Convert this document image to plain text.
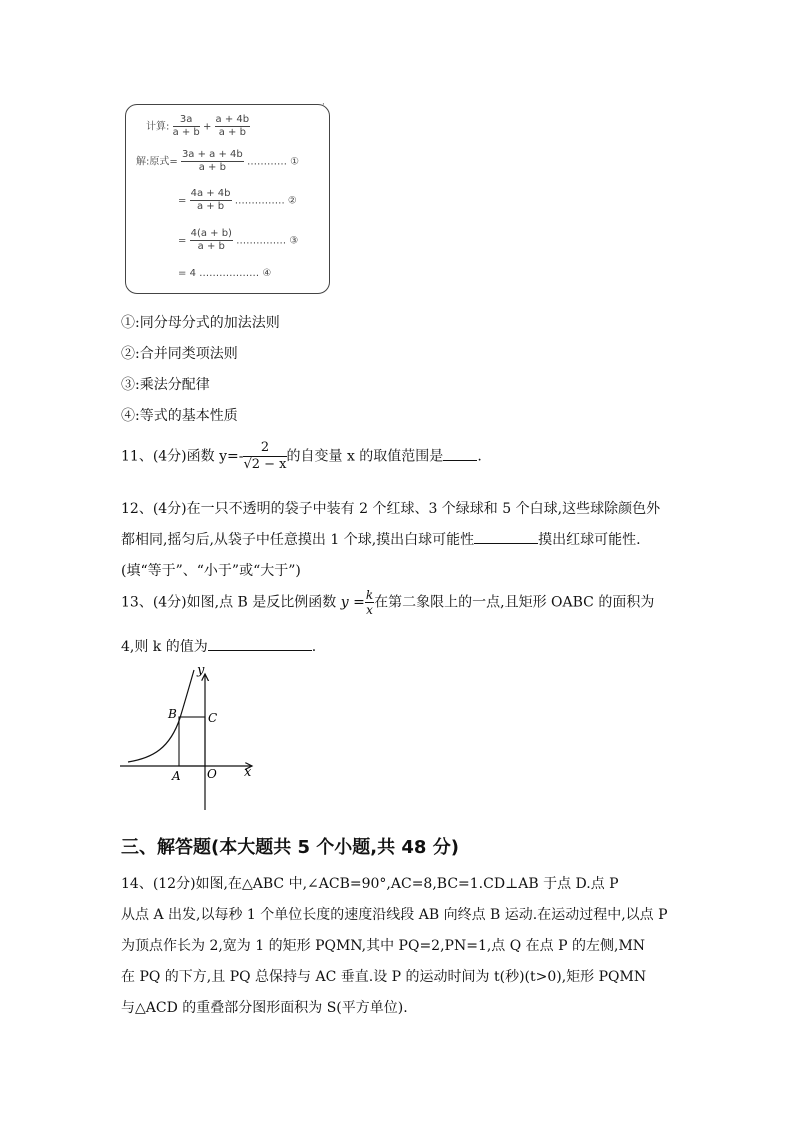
·
计算: $\frac{3a}{a + b} + \frac{a + 4b}{a + b}$
解:原式= $\frac{3a + a + 4b}{a + b}$ ………… ①
= $\frac{4a + 4b}{a + b}$ …………… ②
= $\frac{4(a + b)}{a + b}$ …………… ③
= 4 ……………… ④
①:同分母分式的加法法则
②:合并同类项法则
③:乘法分配律
④:等式的基本性质
11、(4分)函数 $y=- \frac{2}{√2 - x}$ 的自变量 x 的取值范围是 .
12、(4分)在一只不透明的袋子中装有 2 个红球、3 个绿球和 5 个白球,这些球除颜色外
都相同,摇匀后,从袋子中任意摸出 1 个球,摸出白球可能性	摸出红球可能性.
(填“等于”、“小于”或“大于”)
13、(4分)如图,点 B 是反比例函数 $y = \frac{k}{x}$ 在第二象限上的一点,且矩形 OABC 的面积为
4,则 k 的值为	.
y
x
B	C
A O
三、解答题(本大题共 5 个小题,共 48 分)
14、(12分)如图,在△ABC 中,∠ACB=90°,AC=8,BC=1.CD⊥AB 于点 D.点 P
从点 A 出发,以每秒 1 个单位长度的速度沿线段 AB 向终点 B 运动.在运动过程中,以点 P
为顶点作长为 2,宽为 1 的矩形 PQMN,其中 PQ=2,PN=1,点 Q 在点 P 的左侧,MN
在 PQ 的下方,且 PQ 总保持与 AC 垂直.设 P 的运动时间为 t(秒)(t>0),矩形 PQMN
与△ACD 的重叠部分图形面积为 S(平方单位).
